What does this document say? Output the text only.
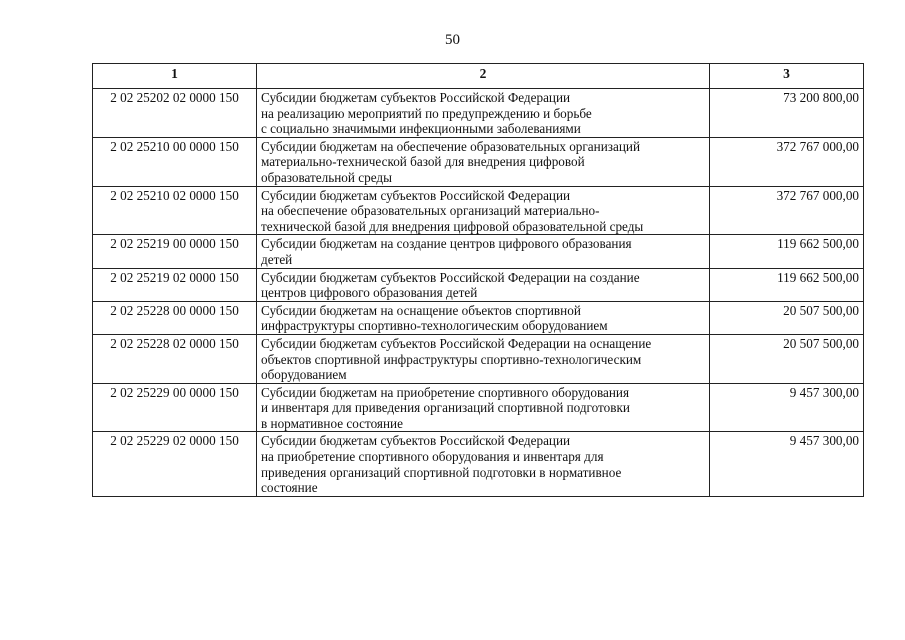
50
1	2	3
2 02 25202 02 0000 150	Субсидии бюджетам субъектов Российской Федерации
на реализацию мероприятий по предупреждению и борьбе
с социально значимыми инфекционными заболеваниями	73 200 800,00
2 02 25210 00 0000 150	Субсидии бюджетам на обеспечение образовательных организаций
материально-технической базой для внедрения цифровой
образовательной среды	372 767 000,00
2 02 25210 02 0000 150	Субсидии бюджетам субъектов Российской Федерации
на обеспечение образовательных организаций материально-
технической базой для внедрения цифровой образовательной среды	372 767 000,00
2 02 25219 00 0000 150	Субсидии бюджетам на создание центров цифрового образования
детей	119 662 500,00
2 02 25219 02 0000 150	Субсидии бюджетам субъектов Российской Федерации на создание
центров цифрового образования детей	119 662 500,00
2 02 25228 00 0000 150	Субсидии бюджетам на оснащение объектов спортивной
инфраструктуры спортивно-технологическим оборудованием	20 507 500,00
2 02 25228 02 0000 150	Субсидии бюджетам субъектов Российской Федерации на оснащение
объектов спортивной инфраструктуры спортивно-технологическим
оборудованием	20 507 500,00
2 02 25229 00 0000 150	Субсидии бюджетам на приобретение спортивного оборудования
и инвентаря для приведения организаций спортивной подготовки
в нормативное состояние	9 457 300,00
2 02 25229 02 0000 150	Субсидии бюджетам субъектов Российской Федерации
на приобретение спортивного оборудования и инвентаря для
приведения организаций спортивной подготовки в нормативное
состояние	9 457 300,00
